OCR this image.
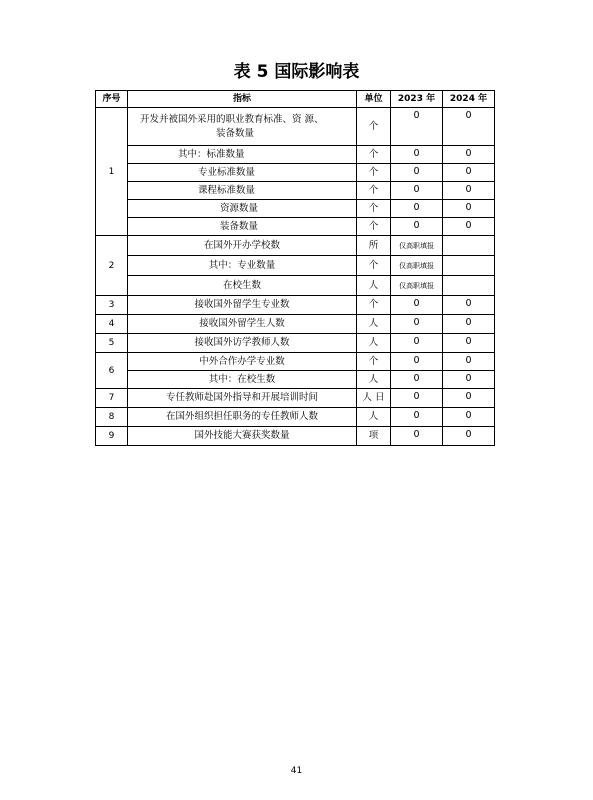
表 5 国际影响表
序号	指标	单位	2023 年	2024 年
1	开发并被国外采用的职业教育标准、资 源、
装备数量	个	0	0
	其中：标准数量	个	0	0
	专业标准数量	个	0	0
	课程标准数量	个	0	0
	资源数量	个	0	0
	装备数量	个	0	0
2	在国外开办学校数	所	仅高职填报	
	其中：专业数量	个	仅高职填报	
	在校生数	人	仅高职填报	
3	接收国外留学生专业数	个	0	0
4	接收国外留学生人数	人	0	0
5	接收国外访学教师人数	人	0	0
6	中外合作办学专业数	个	0	0
	其中：在校生数	人	0	0
7	专任教师赴国外指导和开展培训时间	人 日	0	0
8	在国外组织担任职务的专任教师人数	人	0	0
9	国外技能大赛获奖数量	项	0	0
41
